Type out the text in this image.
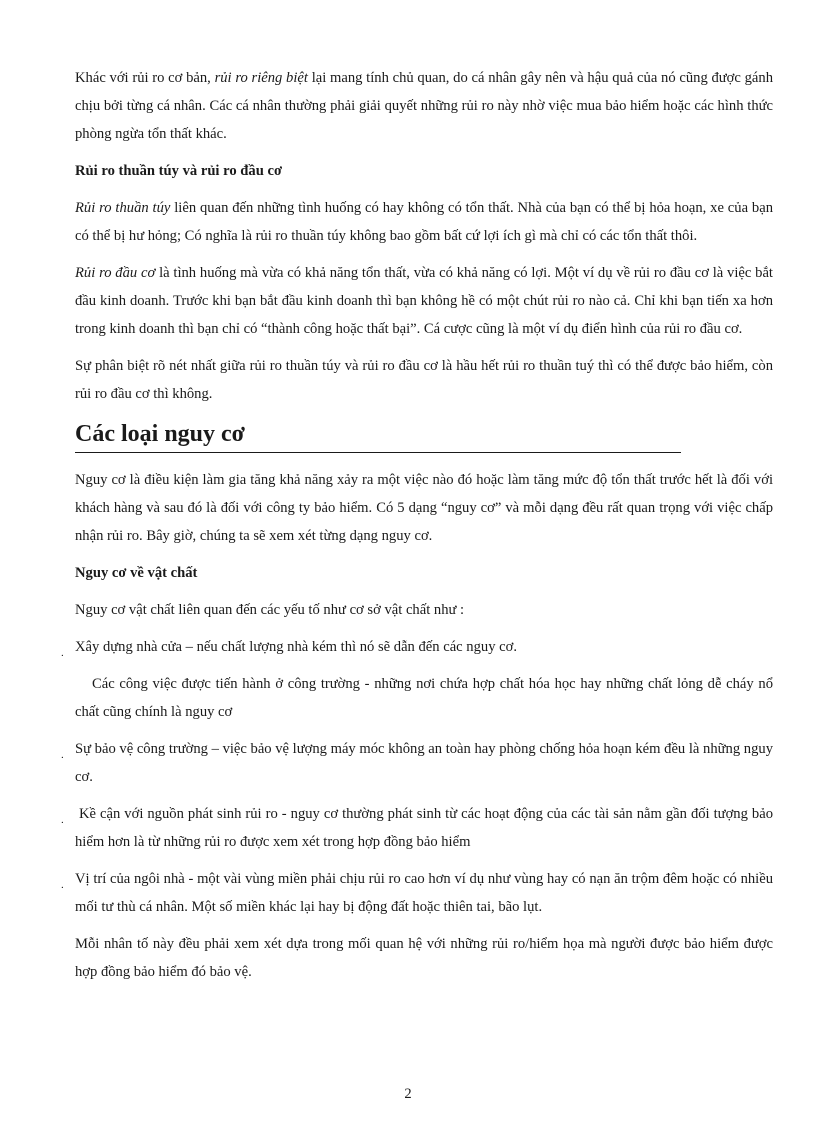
Khác với rủi ro cơ bản, rủi ro riêng biệt lại mang tính chủ quan, do cá nhân gây nên và hậu quả của nó cũng được gánh chịu bởi từng cá nhân. Các cá nhân thường phải giải quyết những rủi ro này nhờ việc mua bảo hiểm hoặc các hình thức phòng ngừa tổn thất khác.

Rủi ro thuần túy và rủi ro đầu cơ

Rủi ro thuần túy liên quan đến những tình huống có hay không có tổn thất. Nhà của bạn có thể bị hỏa hoạn, xe của bạn có thể bị hư hỏng; Có nghĩa là rủi ro thuần túy không bao gồm bất cứ lợi ích gì mà chỉ có các tổn thất thôi.

Rủi ro đầu cơ là tình huống mà vừa có khả năng tổn thất, vừa có khả năng có lợi. Một ví dụ về rủi ro đầu cơ là việc bắt đầu kinh doanh. Trước khi bạn bắt đầu kinh doanh thì bạn không hề có một chút rủi ro nào cả. Chỉ khi bạn tiến xa hơn trong kinh doanh thì bạn chỉ có “thành công hoặc thất bại”. Cá cược cũng là một ví dụ điển hình của rủi ro đầu cơ.

Sự phân biệt rõ nét nhất giữa rủi ro thuần túy và rủi ro đầu cơ là hầu hết rủi ro thuần tuý thì có thể được bảo hiểm, còn rủi ro đầu cơ thì không.

Các loại nguy cơ

Nguy cơ là điều kiện làm gia tăng khả năng xảy ra một việc nào đó hoặc làm tăng mức độ tổn thất trước hết là đối với khách hàng và sau đó là đối với công ty bảo hiểm. Có 5 dạng “nguy cơ” và mỗi dạng đều rất quan trọng với việc chấp nhận rủi ro. Bây giờ, chúng ta sẽ xem xét từng dạng nguy cơ.

Nguy cơ về vật chất

Nguy cơ vật chất liên quan đến các yếu tố như cơ sở vật chất như :

. Xây dựng nhà cửa – nếu chất lượng nhà kém thì nó sẽ dẫn đến các nguy cơ.

Các công việc được tiến hành ở công trường - những nơi chứa hợp chất hóa học hay những chất lỏng dễ cháy nổ chất cũng chính là nguy cơ

. Sự bảo vệ công trường – việc bảo vệ lượng máy móc không an toàn hay phòng chống hỏa hoạn kém đều là những nguy cơ.

. Kề cận với nguồn phát sinh rủi ro - nguy cơ thường phát sinh từ các hoạt động của các tài sản nằm gần đối tượng bảo hiểm hơn là từ những rủi ro được xem xét trong hợp đồng bảo hiểm

. Vị trí của ngôi nhà - một vài vùng miền phải chịu rủi ro cao hơn ví dụ như vùng hay có nạn ăn trộm đêm hoặc có nhiều mối tư thù cá nhân. Một số miền khác lại hay bị động đất hoặc thiên tai, bão lụt.

Mỗi nhân tố này đều phải xem xét dựa trong mối quan hệ với những rủi ro/hiểm họa mà người được bảo hiểm được hợp đồng bảo hiểm đó bảo vệ.

2
